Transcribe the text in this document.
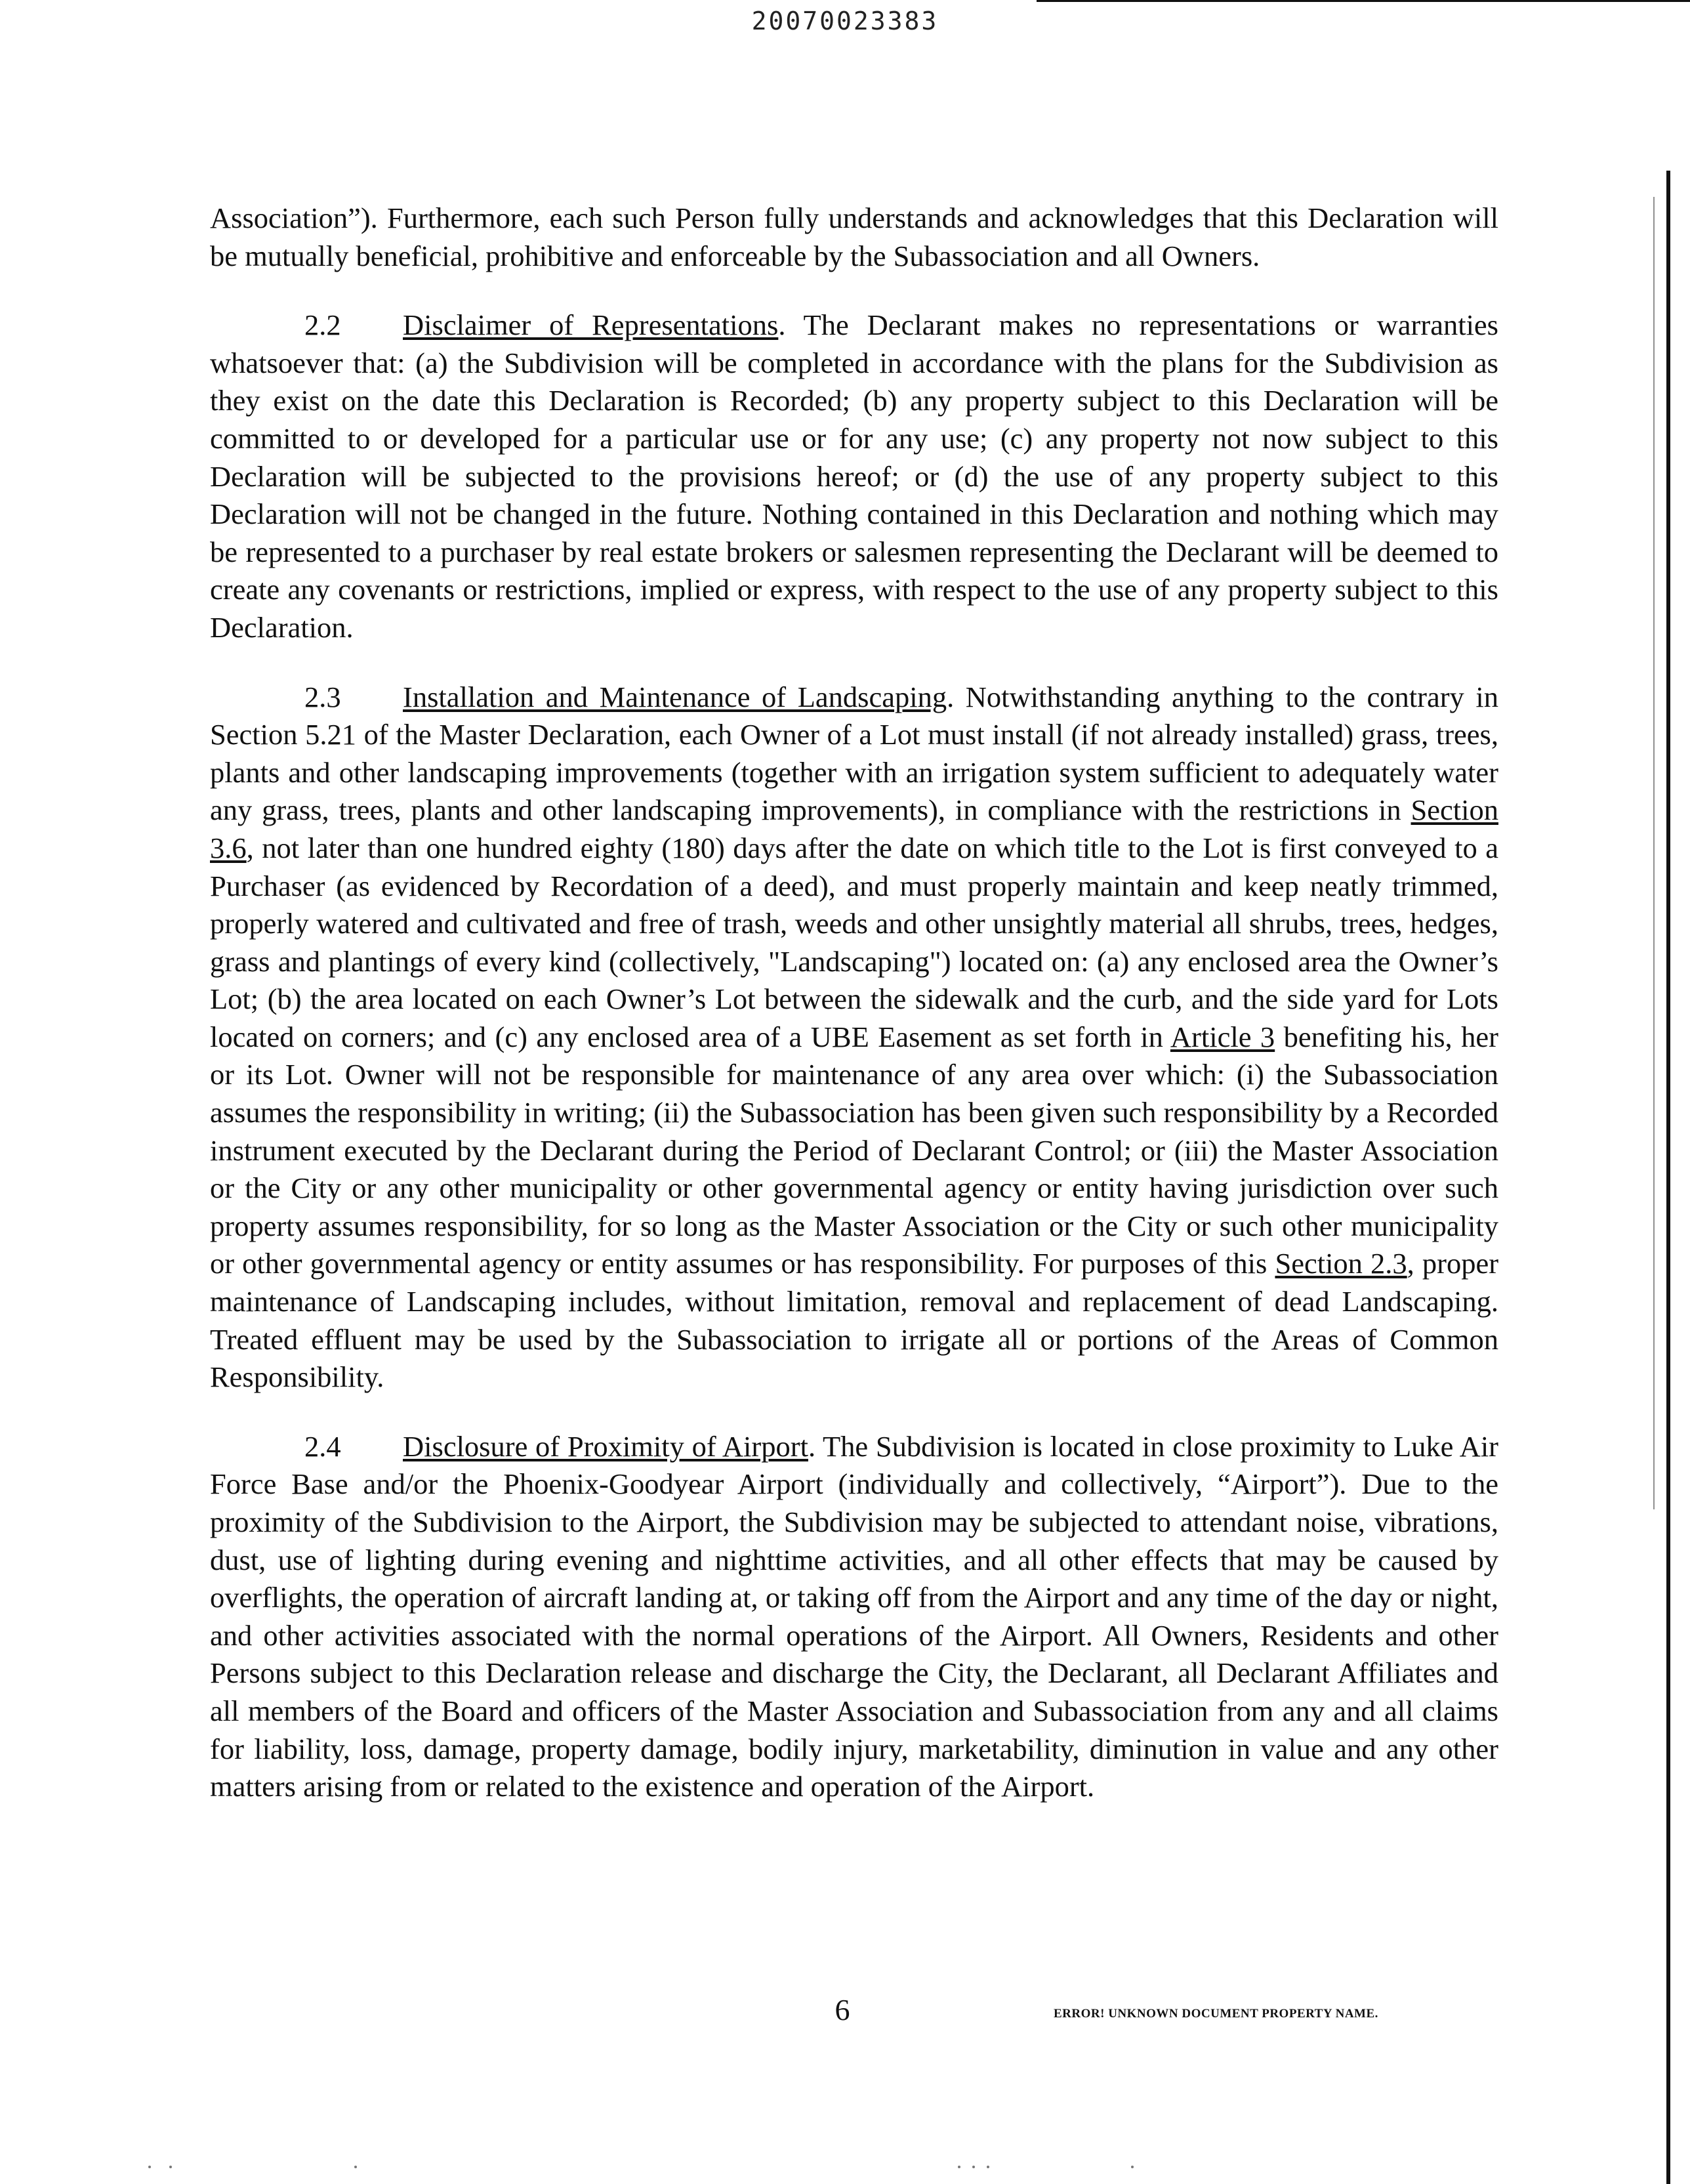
20070023383

Association”). Furthermore, each such Person fully understands and acknowledges that this Declaration will be mutually beneficial, prohibitive and enforceable by the Subassociation and all Owners.

2.2 Disclaimer of Representations. The Declarant makes no representations or warranties whatsoever that: (a) the Subdivision will be completed in accordance with the plans for the Subdivision as they exist on the date this Declaration is Recorded; (b) any property subject to this Declaration will be committed to or developed for a particular use or for any use; (c) any property not now subject to this Declaration will be subjected to the provisions hereof; or (d) the use of any property subject to this Declaration will not be changed in the future. Nothing contained in this Declaration and nothing which may be represented to a purchaser by real estate brokers or salesmen representing the Declarant will be deemed to create any covenants or restrictions, implied or express, with respect to the use of any property subject to this Declaration.

2.3 Installation and Maintenance of Landscaping. Notwithstanding anything to the contrary in Section 5.21 of the Master Declaration, each Owner of a Lot must install (if not already installed) grass, trees, plants and other landscaping improvements (together with an irrigation system sufficient to adequately water any grass, trees, plants and other landscaping improvements), in compliance with the restrictions in Section 3.6, not later than one hundred eighty (180) days after the date on which title to the Lot is first conveyed to a Purchaser (as evidenced by Recordation of a deed), and must properly maintain and keep neatly trimmed, properly watered and cultivated and free of trash, weeds and other unsightly material all shrubs, trees, hedges, grass and plantings of every kind (collectively, "Landscaping") located on: (a) any enclosed area the Owner’s Lot; (b) the area located on each Owner’s Lot between the sidewalk and the curb, and the side yard for Lots located on corners; and (c) any enclosed area of a UBE Easement as set forth in Article 3 benefiting his, her or its Lot. Owner will not be responsible for maintenance of any area over which: (i) the Subassociation assumes the responsibility in writing; (ii) the Subassociation has been given such responsibility by a Recorded instrument executed by the Declarant during the Period of Declarant Control; or (iii) the Master Association or the City or any other municipality or other governmental agency or entity having jurisdiction over such property assumes responsibility, for so long as the Master Association or the City or such other municipality or other governmental agency or entity assumes or has responsibility. For purposes of this Section 2.3, proper maintenance of Landscaping includes, without limitation, removal and replacement of dead Landscaping. Treated effluent may be used by the Subassociation to irrigate all or portions of the Areas of Common Responsibility.

2.4 Disclosure of Proximity of Airport. The Subdivision is located in close proximity to Luke Air Force Base and/or the Phoenix-Goodyear Airport (individually and collectively, “Airport”). Due to the proximity of the Subdivision to the Airport, the Subdivision may be subjected to attendant noise, vibrations, dust, use of lighting during evening and nighttime activities, and all other effects that may be caused by overflights, the operation of aircraft landing at, or taking off from the Airport and any time of the day or night, and other activities associated with the normal operations of the Airport. All Owners, Residents and other Persons subject to this Declaration release and discharge the City, the Declarant, all Declarant Affiliates and all members of the Board and officers of the Master Association and Subassociation from any and all claims for liability, loss, damage, property damage, bodily injury, marketability, diminution in value and any other matters arising from or related to the existence and operation of the Airport.

6	ERROR! UNKNOWN DOCUMENT PROPERTY NAME.
